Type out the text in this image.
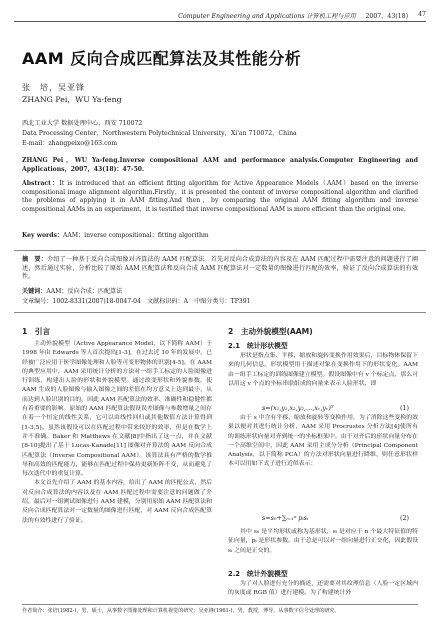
Computer Engineering and Applications 计算机工程与应用 2007，43(18) 47
AAM 反向合成匹配算法及其性能分析
张　培，吴亚锋
ZHANG Pei，WU Ya-feng
西北工业大学 数据处理中心，西安 710072
Data Processing Center，Northwestern Polytechnical University，Xi'an 710072，China
E-mail：zhangpeixo@163.com
ZHANG Pei，WU Ya-feng.Inverse compositional AAM and performance analysis.Computer Engineering and Applications，2007，43(18)：47-50.
Abstract：It is introduced that an efficient fitting algorithm for Active Appearance Models（AAM）based on the inverse compositional image alignment algorithm.Firstly，it is presented the content of inverse compositional algorithm and clarified the problems of applying it in AAM fitting.And then，by comparing the original AAM fitting algorithm and inverse compositional AAMs in an experiment，it is testified that inverse compositional AAM is more efficient than the original one.
Key words：AAM；inverse compositional；fitting algorithm
摘　要：介绍了一种基于反向合成图像对齐算法的 AAM 匹配算法。首先对反向合成算法的内容及在 AAM 匹配过程中需要注意的问题进行了阐述，然后通过实验，分析比较了原始 AAM 匹配算法和反向合成 AAM 匹配算法对一定数量的图像进行匹配的效率，验证了反向合成算法的有效性。
关键词：AAM；反向合成；匹配算法
文章编号：1002-8331(2007)18-0047-04　文献标识码：A　中图分类号：TP391
1　引言

主动外貌模型（Active Appearance Model，以下简称 AAM）于 1998 年由 Edwards 等人首次提出[1-3]，在过去近 10 年的发展中，已经被广泛应用于医学图像处理和人脸等可变形物体的识别[4-5]。在 AAM 的典型应用中，AAM 采用统计分析的方法对一组手工标定的人脸图像进行训练，构建出人脸的形状和外貌模型。通过改变形状和外貌参数，使 AAM 生成的人脸图像与输入图像之间的差值在均方意义上达到最小，从而达到人脸识别的目的。因此 AAM 匹配算法的效率、准确性和稳健性都有着重要的影响。原始的 AAM 匹配算法假设误差图像与参数增量之间存在着一个恒定的线性关系，它可以由线性回归或其他数值方法计算得到[1-3,5]。虽然该假设可以在匹配过程中带来较好的效率，但是在数学上并不准确。Baker 和 Matthews 在文献[8]中指出了这一点，并在文献[8-10]提出了基于 Lucas-Kanade[11] 图像对齐算法的 AAM 反向合成匹配算法（Inverse Compositional AAM）。该算法具有严格的数学推导和高效的匹配能力，能够在匹配过程中保持更新矩阵不变，从而避免了每次迭代中的重复计算。

本文首先介绍了 AAM 的基本内容，给出了 AAM 的匹配公式，然后对反向合成算法的内容以及在 AAM 匹配过程中需要注意的问题做了介绍，最后对一组测试图像进行 AAM 建模，分别用原始 AAM 匹配算法和反向合成匹配算法对一定数量的图像进行匹配，对 AAM 反向合成匹配算法的有效性进行了验证。

2　主动外貌模型(AAM)
2.1　统计形状模型
形状是指点集、平移、缩放和旋转变换作用效果后，目标物体保留下来的几何信息。形状模型用于描述对象在变换作用下的形状变化。AAM 由一组手工标定的训练图像建立模型。假设图像中有 v 个标定点，那么可以用这 v 个点的坐标串联组成的向量来表示人脸形状，即
s=(x₁,y₁,x₂,y₂,…,xᵥ,yᵥ)ᵀ	(1)
由于 s 中含有平移、缩放和旋转等变换作用，为了消除这些变换的效果以便对其进行统计分析，AAM 采用 Procrustes 分析方法[4]使所有的训练形状向量对齐到统一的坐标框架中。由于对齐后的形状向量分布在一个高维空间中，因此 AAM 采用主成分分析（Principal Component Analysis，以下简称 PCA）的方法对形状向量进行降维，则任意形状样本可以用如下式子进行近似表示：
s=s₀+∑ᵢ₌₁ⁿ pᵢsᵢ	(2)
其中 s₀ 是平均形状或称为基形状，sᵢ 是对应于 n 个最大特征值的特征向量，pᵢ 是形状参数。由于总是可以对一组向量进行正交化，因此假设 sᵢ 之间是正交的。
2.2　统计外貌模型
为了对人脸进行充分的描述，还需要对其纹理信息（人脸一定区域内的灰度或 RGB 值）进行建模。为了构建统计外
作者简介：张培(1982-)，男，硕士，从事数字图像处理和计算机视觉的研究；吴亚锋(1961-)，男，教授，博导，从事数字信号处理的研究。
